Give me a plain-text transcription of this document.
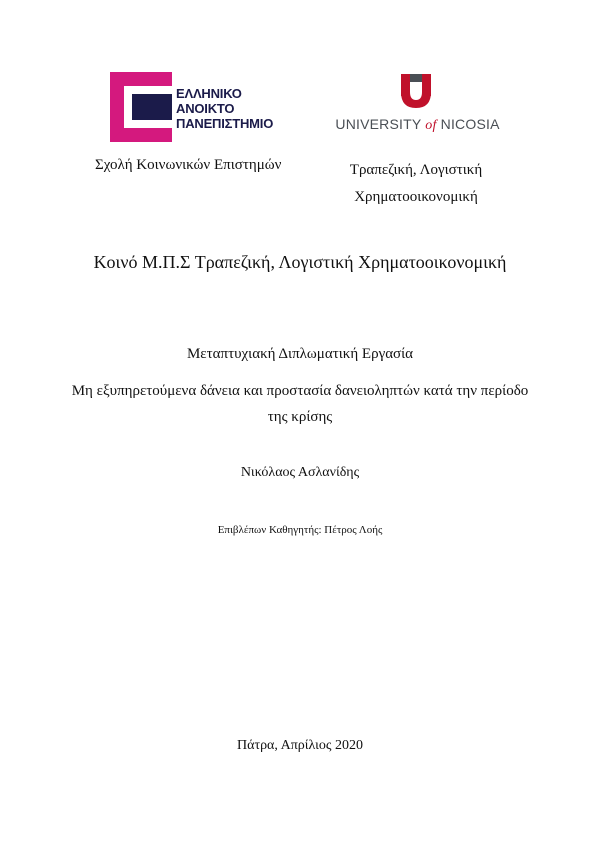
ΕΛΛΗΝΙΚΟ
ΑΝΟΙΚΤΟ
ΠΑΝΕΠΙΣΤΗΜΙΟ	UNIVERSITY of NICOSIA
Σχολή Κοινωνικών Επιστημών	Τραπεζική, Λογιστική
Χρηματοοικονομική
Κοινό Μ.Π.Σ Τραπεζική, Λογιστική Χρηματοοικονομική
Μεταπτυχιακή Διπλωματική Εργασία
Μη εξυπηρετούμενα δάνεια και προστασία δανειοληπτών κατά την περίοδο της κρίσης
Νικόλαος Ασλανίδης
Επιβλέπων Καθηγητής: Πέτρος Λοής
Πάτρα, Απρίλιος 2020
